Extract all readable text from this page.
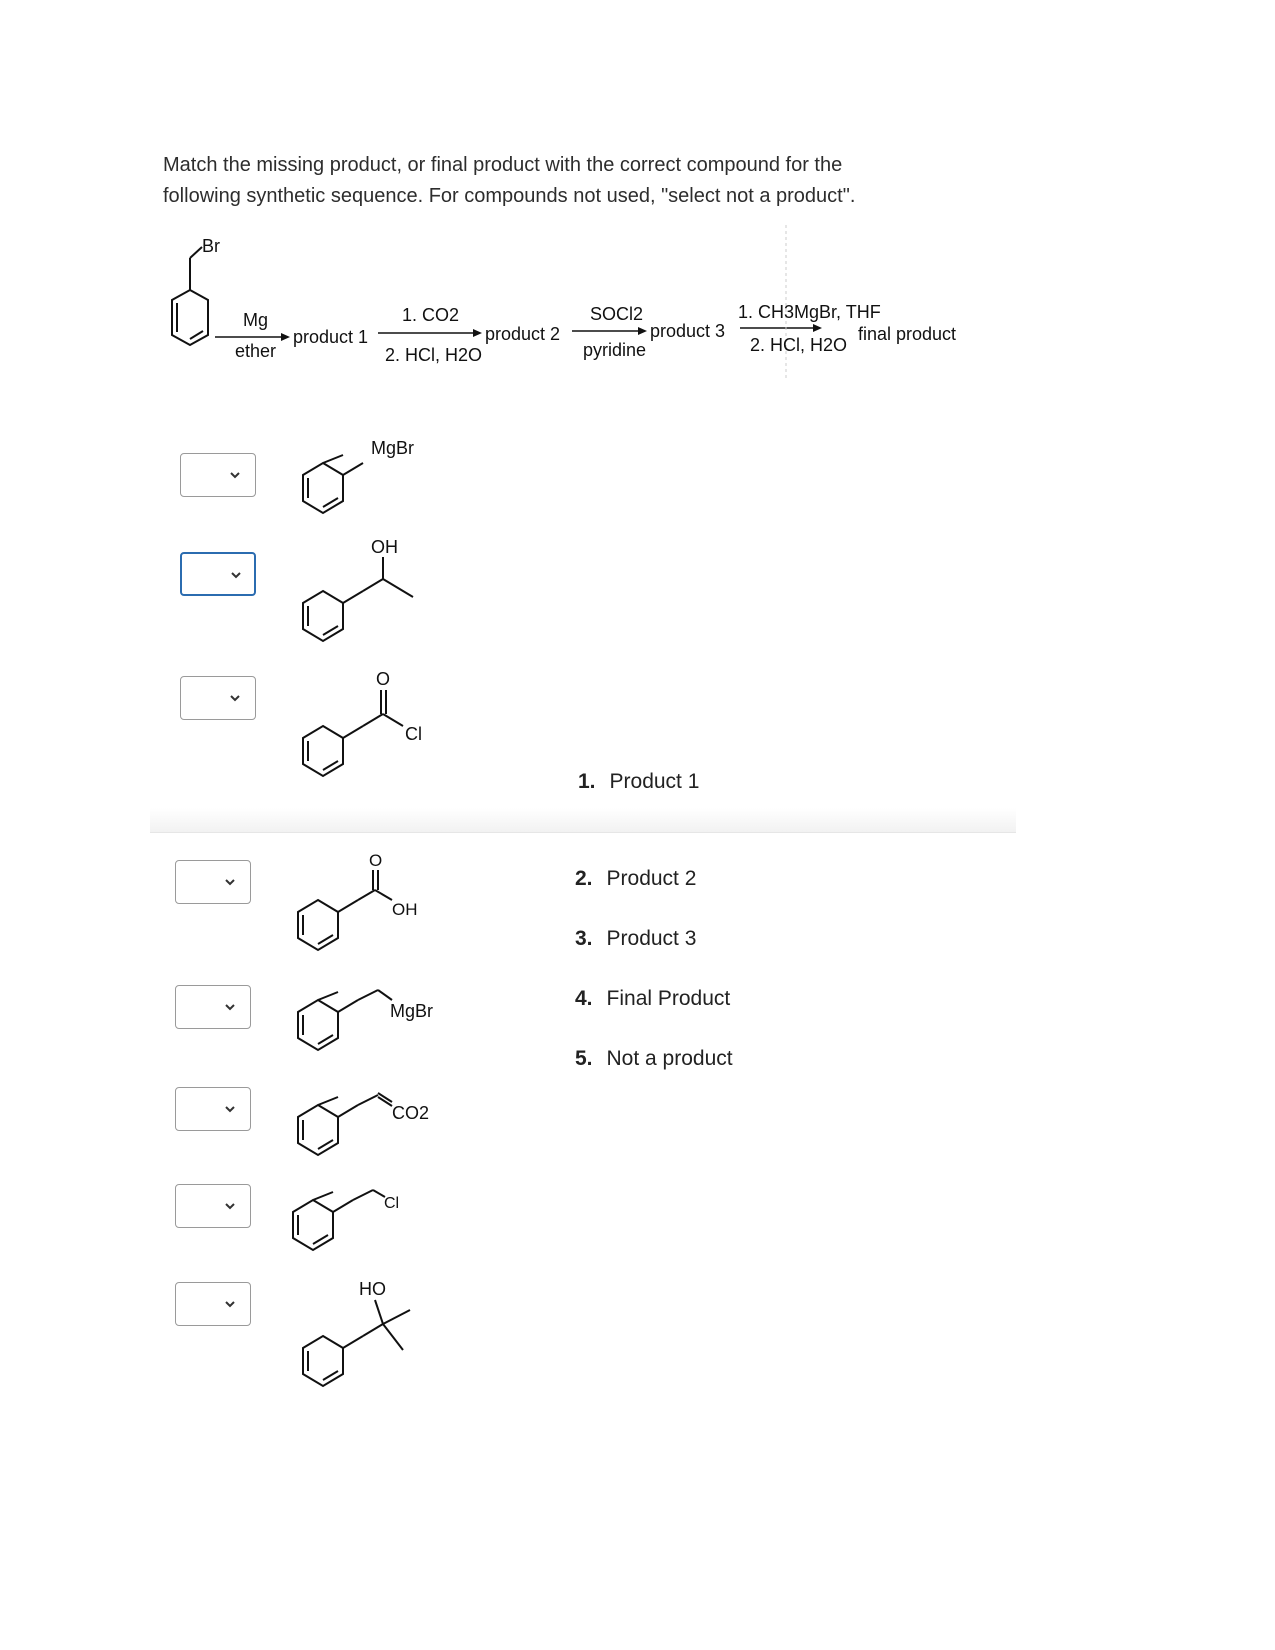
Match the missing product, or final product with the correct compound for the
following synthetic sequence. For compounds not used, "select not a product".
Br
Mg
ether
product 1
1. CO2
2. HCl, H2O
product 2
SOCl2
pyridine
product 3
1. CH3MgBr, THF
2. HCl, H2O
final product
MgBr
OH
O
Cl
O
OH
MgBr
CO2
Cl
HO
1. Product 1
2. Product 2
3. Product 3
4. Final Product
5. Not a product
